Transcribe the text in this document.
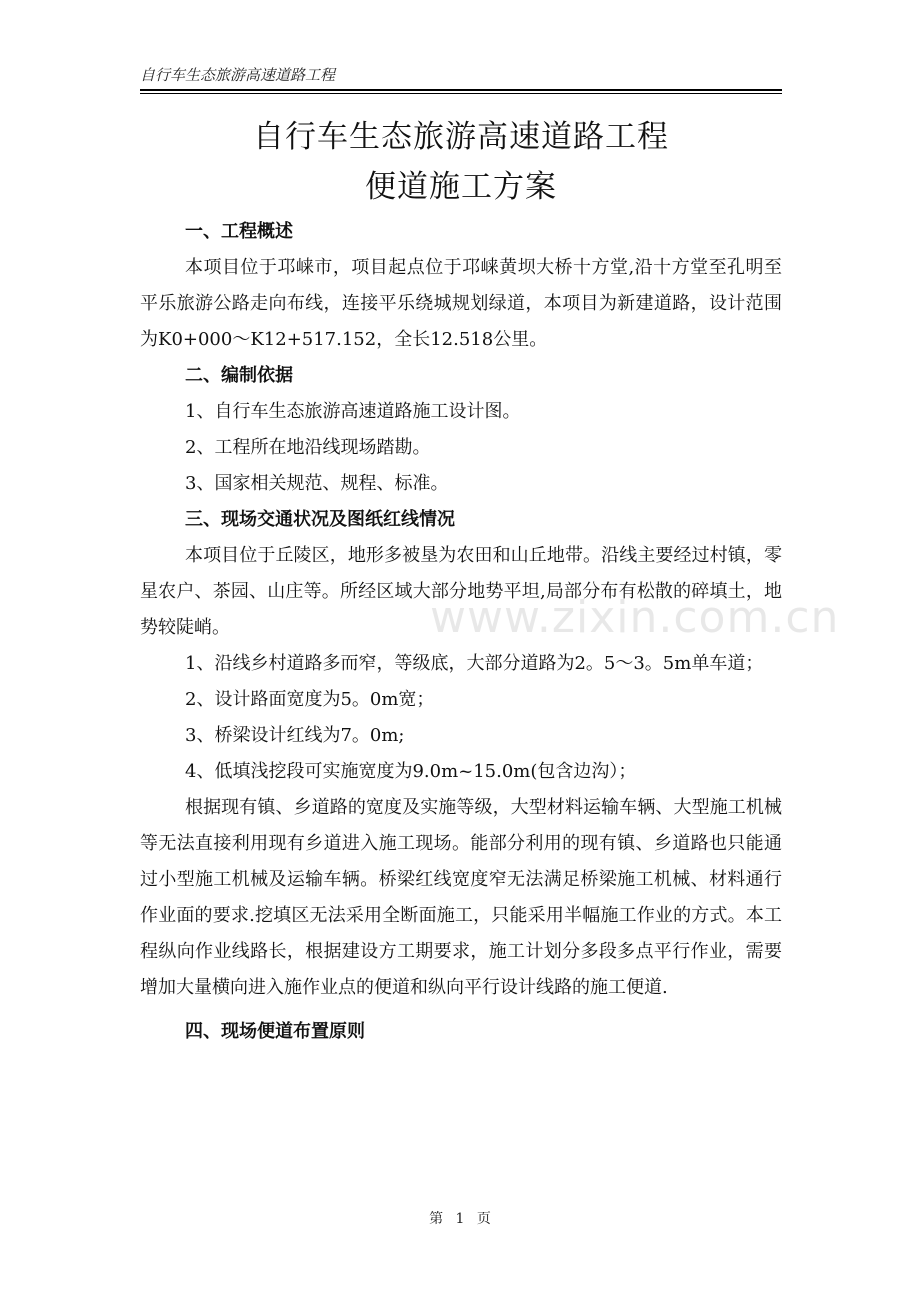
自行车生态旅游高速道路工程
www.zixin.com.cn
自行车生态旅游高速道路工程
便道施工方案

一、工程概述

本项目位于邛崃市，项目起点位于邛崃黄坝大桥十方堂,沿十方堂至孔明至平乐旅游公路走向布线，连接平乐绕城规划绿道，本项目为新建道路，设计范围为K0+000～K12+517.152，全长12.518公里。

二、编制依据

1、自行车生态旅游高速道路施工设计图。

2、工程所在地沿线现场踏勘。

3、国家相关规范、规程、标准。

三、现场交通状况及图纸红线情况

本项目位于丘陵区，地形多被垦为农田和山丘地带。沿线主要经过村镇，零星农户、茶园、山庄等。所经区域大部分地势平坦,局部分布有松散的碎填土，地势较陡峭。

1、沿线乡村道路多而窄，等级底，大部分道路为2。5～3。5m单车道；

2、设计路面宽度为5。0m宽；

3、桥梁设计红线为7。0m;

4、低填浅挖段可实施宽度为9.0m~15.0m(包含边沟）；

根据现有镇、乡道路的宽度及实施等级，大型材料运输车辆、大型施工机械等无法直接利用现有乡道进入施工现场。能部分利用的现有镇、乡道路也只能通过小型施工机械及运输车辆。桥梁红线宽度窄无法满足桥梁施工机械、材料通行作业面的要求.挖填区无法采用全断面施工，只能采用半幅施工作业的方式。本工程纵向作业线路长，根据建设方工期要求，施工计划分多段多点平行作业，需要增加大量横向进入施作业点的便道和纵向平行设计线路的施工便道.

四、现场便道布置原则

第 1 页
